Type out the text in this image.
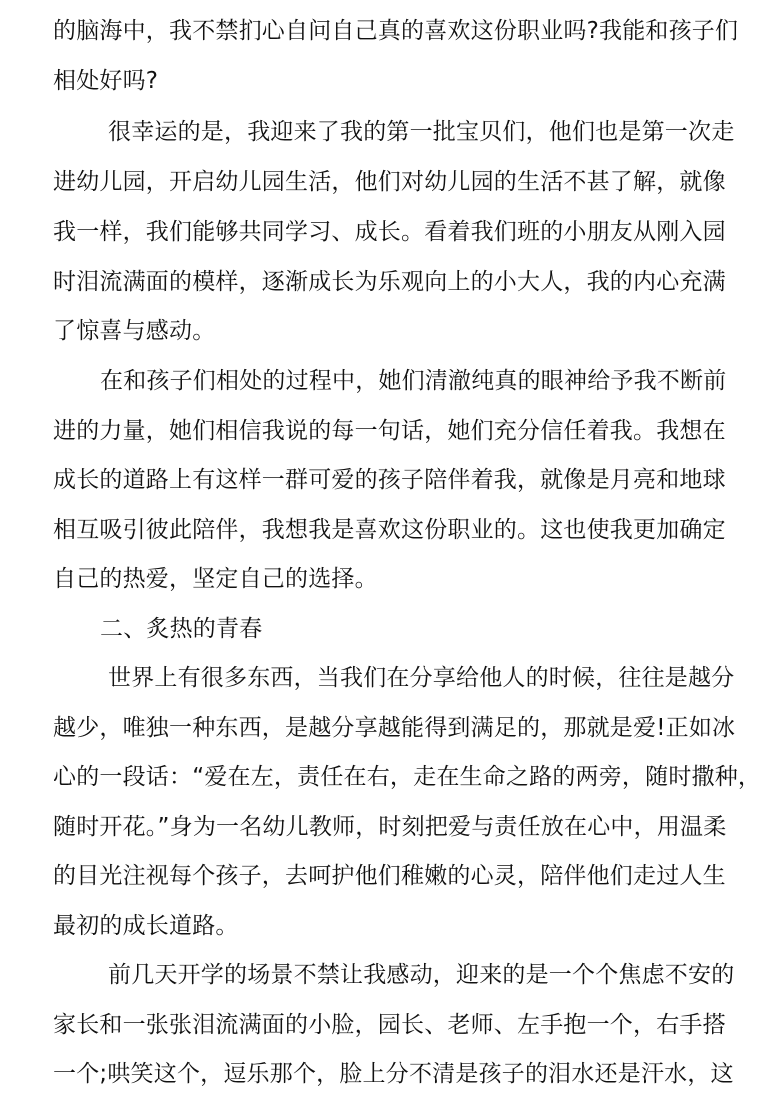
的脑海中，我不禁扪心自问自己真的喜欢这份职业吗?我能和孩子们
相处好吗?
很幸运的是，我迎来了我的第一批宝贝们，他们也是第一次走
进幼儿园，开启幼儿园生活，他们对幼儿园的生活不甚了解，就像
我一样，我们能够共同学习、成长。看着我们班的小朋友从刚入园
时泪流满面的模样，逐渐成长为乐观向上的小大人，我的内心充满
了惊喜与感动。
在和孩子们相处的过程中，她们清澈纯真的眼神给予我不断前
进的力量，她们相信我说的每一句话，她们充分信任着我。我想在
成长的道路上有这样一群可爱的孩子陪伴着我，就像是月亮和地球
相互吸引彼此陪伴，我想我是喜欢这份职业的。这也使我更加确定
自己的热爱，坚定自己的选择。
二、炙热的青春
世界上有很多东西，当我们在分享给他人的时候，往往是越分
越少，唯独一种东西，是越分享越能得到满足的，那就是爱!正如冰
心的一段话：“爱在左，责任在右，走在生命之路的两旁，随时撒种，
随时开花。”身为一名幼儿教师，时刻把爱与责任放在心中，用温柔
的目光注视每个孩子，去呵护他们稚嫩的心灵，陪伴他们走过人生
最初的成长道路。
前几天开学的场景不禁让我感动，迎来的是一个个焦虑不安的
家长和一张张泪流满面的小脸，园长、老师、左手抱一个，右手搭
一个;哄笑这个，逗乐那个，脸上分不清是孩子的泪水还是汗水，这
